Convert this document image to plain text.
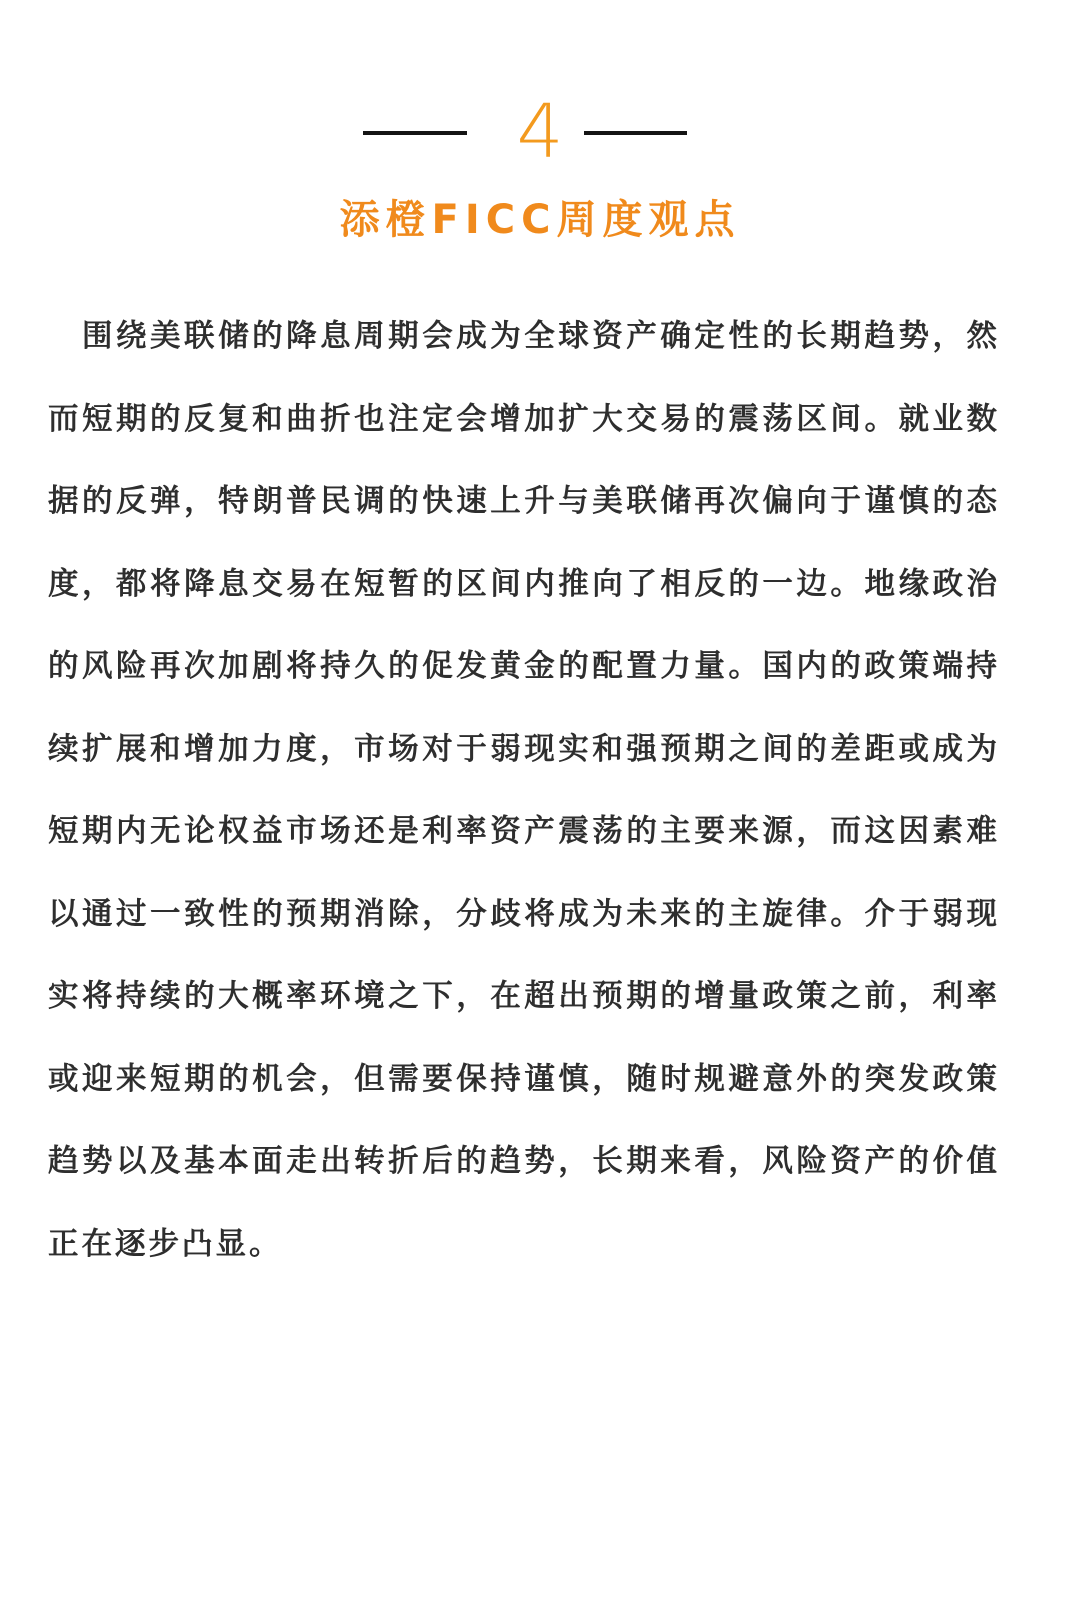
4
添橙FICC周度观点

围绕美联储的降息周期会成为全球资产确定性的长期趋势，然而短期的反复和曲折也注定会增加扩大交易的震荡区间。就业数据的反弹，特朗普民调的快速上升与美联储再次偏向于谨慎的态度，都将降息交易在短暂的区间内推向了相反的一边。地缘政治的风险再次加剧将持久的促发黄金的配置力量。国内的政策端持续扩展和增加力度，市场对于弱现实和强预期之间的差距或成为短期内无论权益市场还是利率资产震荡的主要来源，而这因素难以通过一致性的预期消除，分歧将成为未来的主旋律。介于弱现实将持续的大概率环境之下，在超出预期的增量政策之前，利率或迎来短期的机会，但需要保持谨慎，随时规避意外的突发政策趋势以及基本面走出转折后的趋势，长期来看，风险资产的价值正在逐步凸显。
